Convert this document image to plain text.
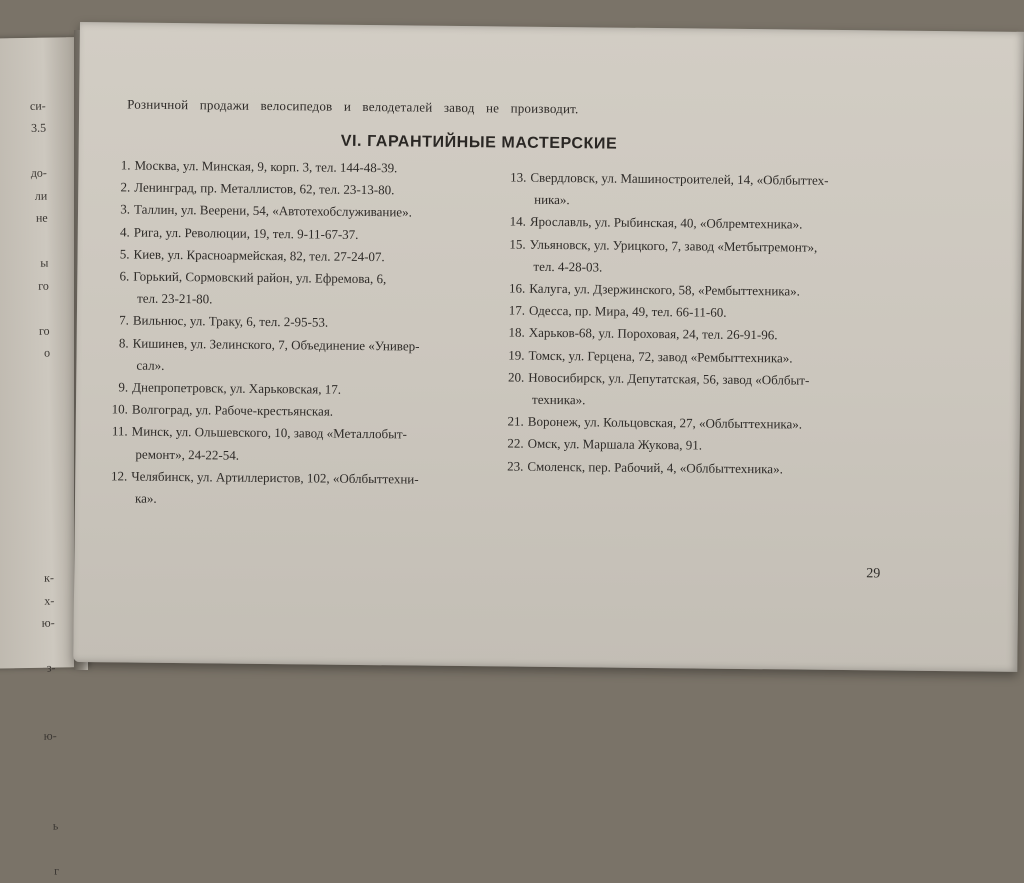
си-
3.5
до-
ли
не
ы
го
го
о
к-
х-
ю-
з-
ю-
ь
г
Розничной продажи велосипедов и велодеталей завод не производит.
VI. ГАРАНТИЙНЫЕ МАСТЕРСКИЕ
1. Москва, ул. Минская, 9, корп. 3, тел. 144-48-39.
2. Ленинград, пр. Металлистов, 62, тел. 23-13-80.
3. Таллин, ул. Веерени, 54, «Автотехобслуживание».
4. Рига, ул. Революции, 19, тел. 9-11-67-37.
5. Киев, ул. Красноармейская, 82, тел. 27-24-07.
6. Горький, Сормовский район, ул. Ефремова, 6,
тел. 23-21-80.
7. Вильнюс, ул. Траку, 6, тел. 2-95-53.
8. Кишинев, ул. Зелинского, 7, Объединение «Универ-
сал».
9. Днепропетровск, ул. Харьковская, 17.
10. Волгоград, ул. Рабоче-крестьянская.
11. Минск, ул. Ольшевского, 10, завод «Металлобыт-
ремонт», 24-22-54.
12. Челябинск, ул. Артиллеристов, 102, «Облбыттехни-
ка».
13. Свердловск, ул. Машиностроителей, 14, «Облбыттех-
ника».
14. Ярославль, ул. Рыбинская, 40, «Облремтехника».
15. Ульяновск, ул. Урицкого, 7, завод «Метбытремонт»,
тел. 4-28-03.
16. Калуга, ул. Дзержинского, 58, «Рембыттехника».
17. Одесса, пр. Мира, 49, тел. 66-11-60.
18. Харьков-68, ул. Пороховая, 24, тел. 26-91-96.
19. Томск, ул. Герцена, 72, завод «Рембыттехника».
20. Новосибирск, ул. Депутатская, 56, завод «Облбыт-
техника».
21. Воронеж, ул. Кольцовская, 27, «Облбыттехника».
22. Омск, ул. Маршала Жукова, 91.
23. Смоленск, пер. Рабочий, 4, «Облбыттехника».
29
